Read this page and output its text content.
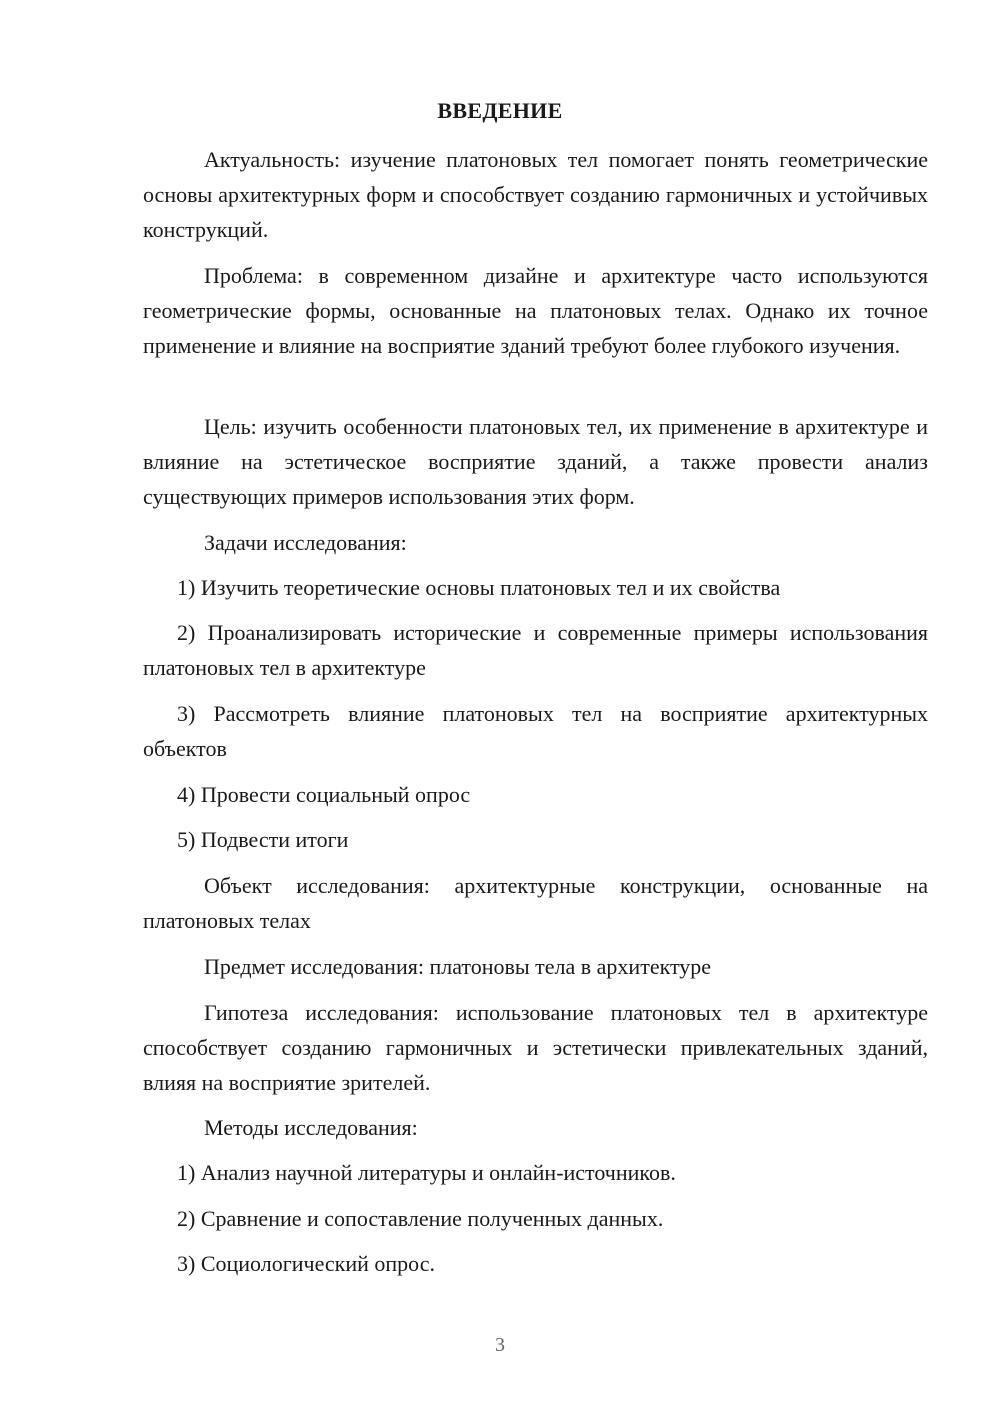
ВВЕДЕНИЕ
Актуальность: изучение платоновых тел помогает понять геометрические основы архитектурных форм и способствует созданию гармоничных и устойчивых конструкций.
Проблема: в современном дизайне и архитектуре часто используются геометрические формы, основанные на платоновых телах. Однако их точное применение и влияние на восприятие зданий требуют более глубокого изучения.
Цель: изучить особенности платоновых тел, их применение в архитектуре и влияние на эстетическое восприятие зданий, а также провести анализ существующих примеров использования этих форм.
Задачи исследования:
1) Изучить теоретические основы платоновых тел и их свойства
2) Проанализировать исторические и современные примеры использования платоновых тел в архитектуре
3) Рассмотреть влияние платоновых тел на восприятие архитектурных объектов
4) Провести социальный опрос
5) Подвести итоги
Объект исследования: архитектурные конструкции, основанные на платоновых телах
Предмет исследования: платоновы тела в архитектуре
Гипотеза исследования: использование платоновых тел в архитектуре способствует созданию гармоничных и эстетически привлекательных зданий, влияя на восприятие зрителей.
Методы исследования:
1) Анализ научной литературы и онлайн-источников.
2) Сравнение и сопоставление полученных данных.
3) Социологический опрос.
3
